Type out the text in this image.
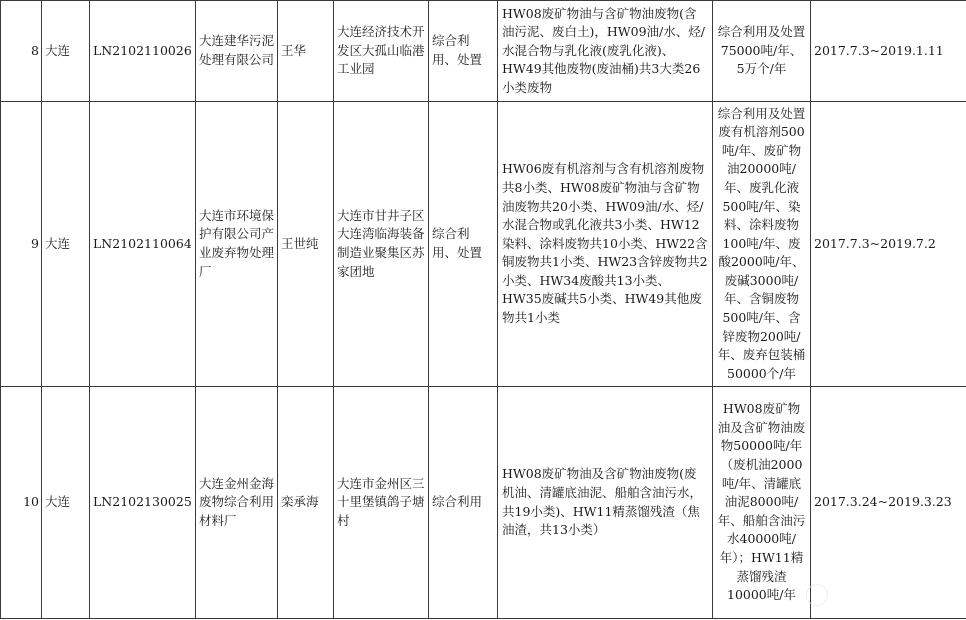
8	大连	LN2102110026	大连建华污泥处理有限公司	王华	大连经济技术开发区大孤山临港工业园	综合利用、处置	HW08废矿物油与含矿物油废物(含油污泥、废白土)，HW09油/水、烃/水混合物与乳化液(废乳化液)、HW49其他废物(废油桶)共3大类26小类废物	综合利用及处置75000吨/年、5万个/年	2017.7.3~2019.1.11
9	大连	LN2102110064	大连市环境保护有限公司产业废弃物处理厂	王世纯	大连市甘井子区大连湾临海装备制造业聚集区苏家团地	综合利用、处置	HW06废有机溶剂与含有机溶剂废物共8小类、HW08废矿物油与含矿物油废物共20小类、HW09油/水、烃/水混合物或乳化液共3小类、HW12染料、涂料废物共10小类、HW22含铜废物共1小类、HW23含锌废物共2小类、HW34废酸共13小类、HW35废碱共5小类、HW49其他废物共1小类	综合利用及处置废有机溶剂500吨/年、废矿物油20000吨/年、废乳化液500吨/年、染料、涂料废物100吨/年、废酸2000吨/年、废碱3000吨/年、含铜废物500吨/年、含锌废物200吨/年、废弃包装桶50000个/年	2017.7.3~2019.7.2
10	大连	LN2102130025	大连金州金海废物综合利用材料厂	栾承海	大连市金州区三十里堡镇鸽子塘村	综合利用	HW08废矿物油及含矿物油废物(废机油、清罐底油泥、船舶含油污水，共19小类)、HW11精蒸馏残渣（焦油渣，共13小类）	HW08废矿物油及含矿物油废物50000吨/年（废机油2000吨/年、清罐底油泥8000吨/年、船舶含油污水40000吨/年）；HW11精蒸馏残渣10000吨/年	2017.3.24~2019.3.23
